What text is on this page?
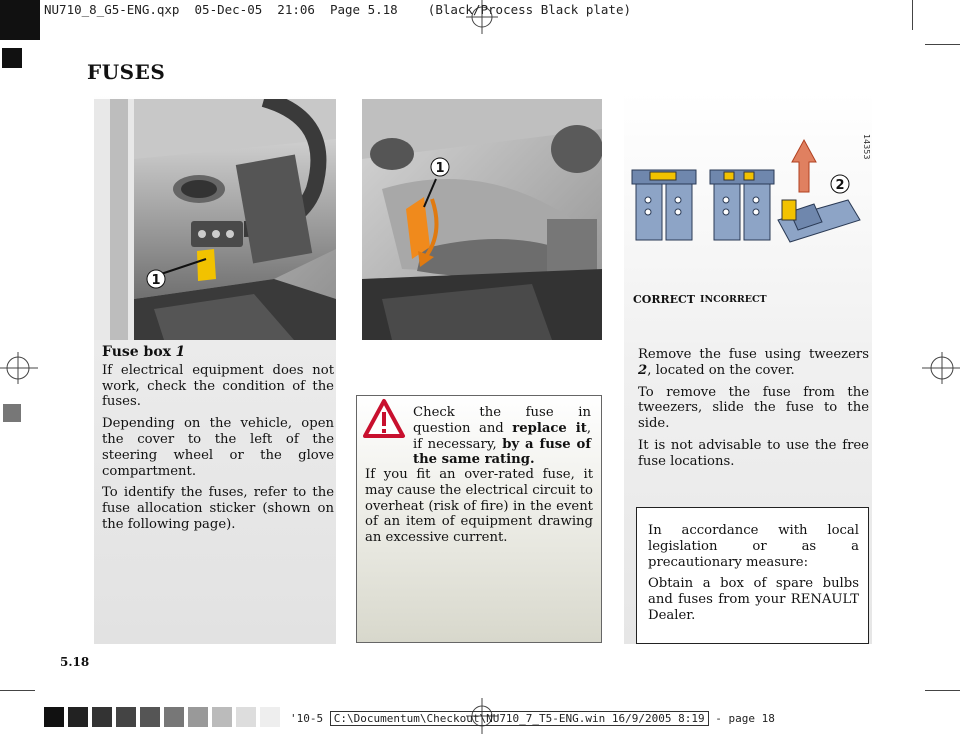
NU710_8_G5-ENG.qxp  05-Dec-05  21:06  Page 5.18    (Black/Process Black plate)
FUSES
1
1
2
14353
CORRECT INCORRECT

Fuse box 1

If electrical equipment does not work, check the condition of the fuses.

Depending on the vehicle, open the cover to the left of the steering wheel or the glove compartment.

To identify the fuses, refer to the fuse allocation sticker (shown on the following page).

Check the fuse in question and replace it, if necessary, by a fuse of the same rating.

If you fit an over-rated fuse, it may cause the electrical circuit to overheat (risk of fire) in the event of an item of equipment drawing an excessive current.

Remove the fuse using tweezers 2, located on the cover.

To remove the fuse from the tweezers, slide the fuse to the side.

It is not advisable to use the free fuse locations.

In accordance with local legislation or as a precautionary measure:

Obtain a box of spare bulbs and fuses from your RENAULT Dealer.

5.18
'10-5 C:\Documentum\Checkout\NU710_7_T5-ENG.win 16/9/2005 8:19 - page 18
